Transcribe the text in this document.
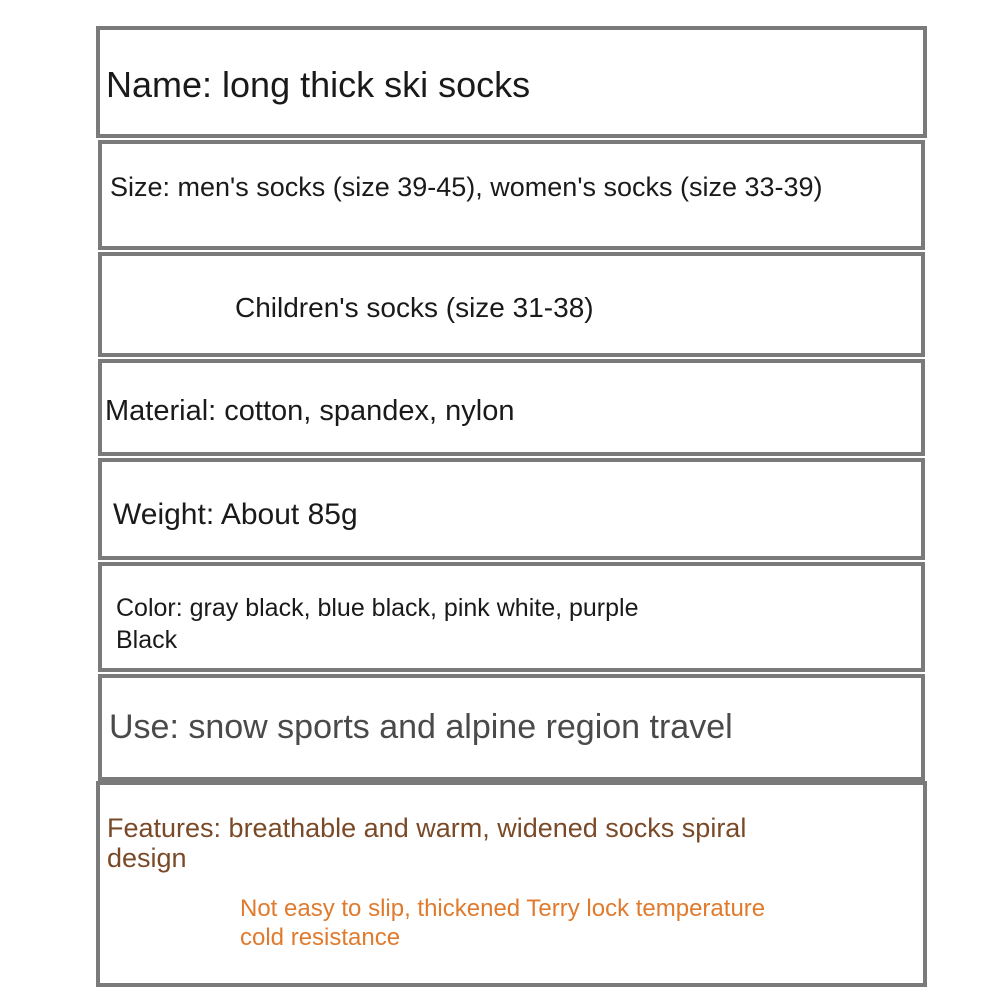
Name: long thick ski socks

Size: men's socks (size 39-45), women's socks (size 33-39)

Children's socks (size 31-38)

Material: cotton, spandex, nylon

Weight: About 85g

Color: gray black, blue black, pink white, purple

Black

Use: snow sports and alpine region travel

Features: breathable and warm, widened socks spiral

design

Not easy to slip, thickened Terry lock temperature

cold resistance
